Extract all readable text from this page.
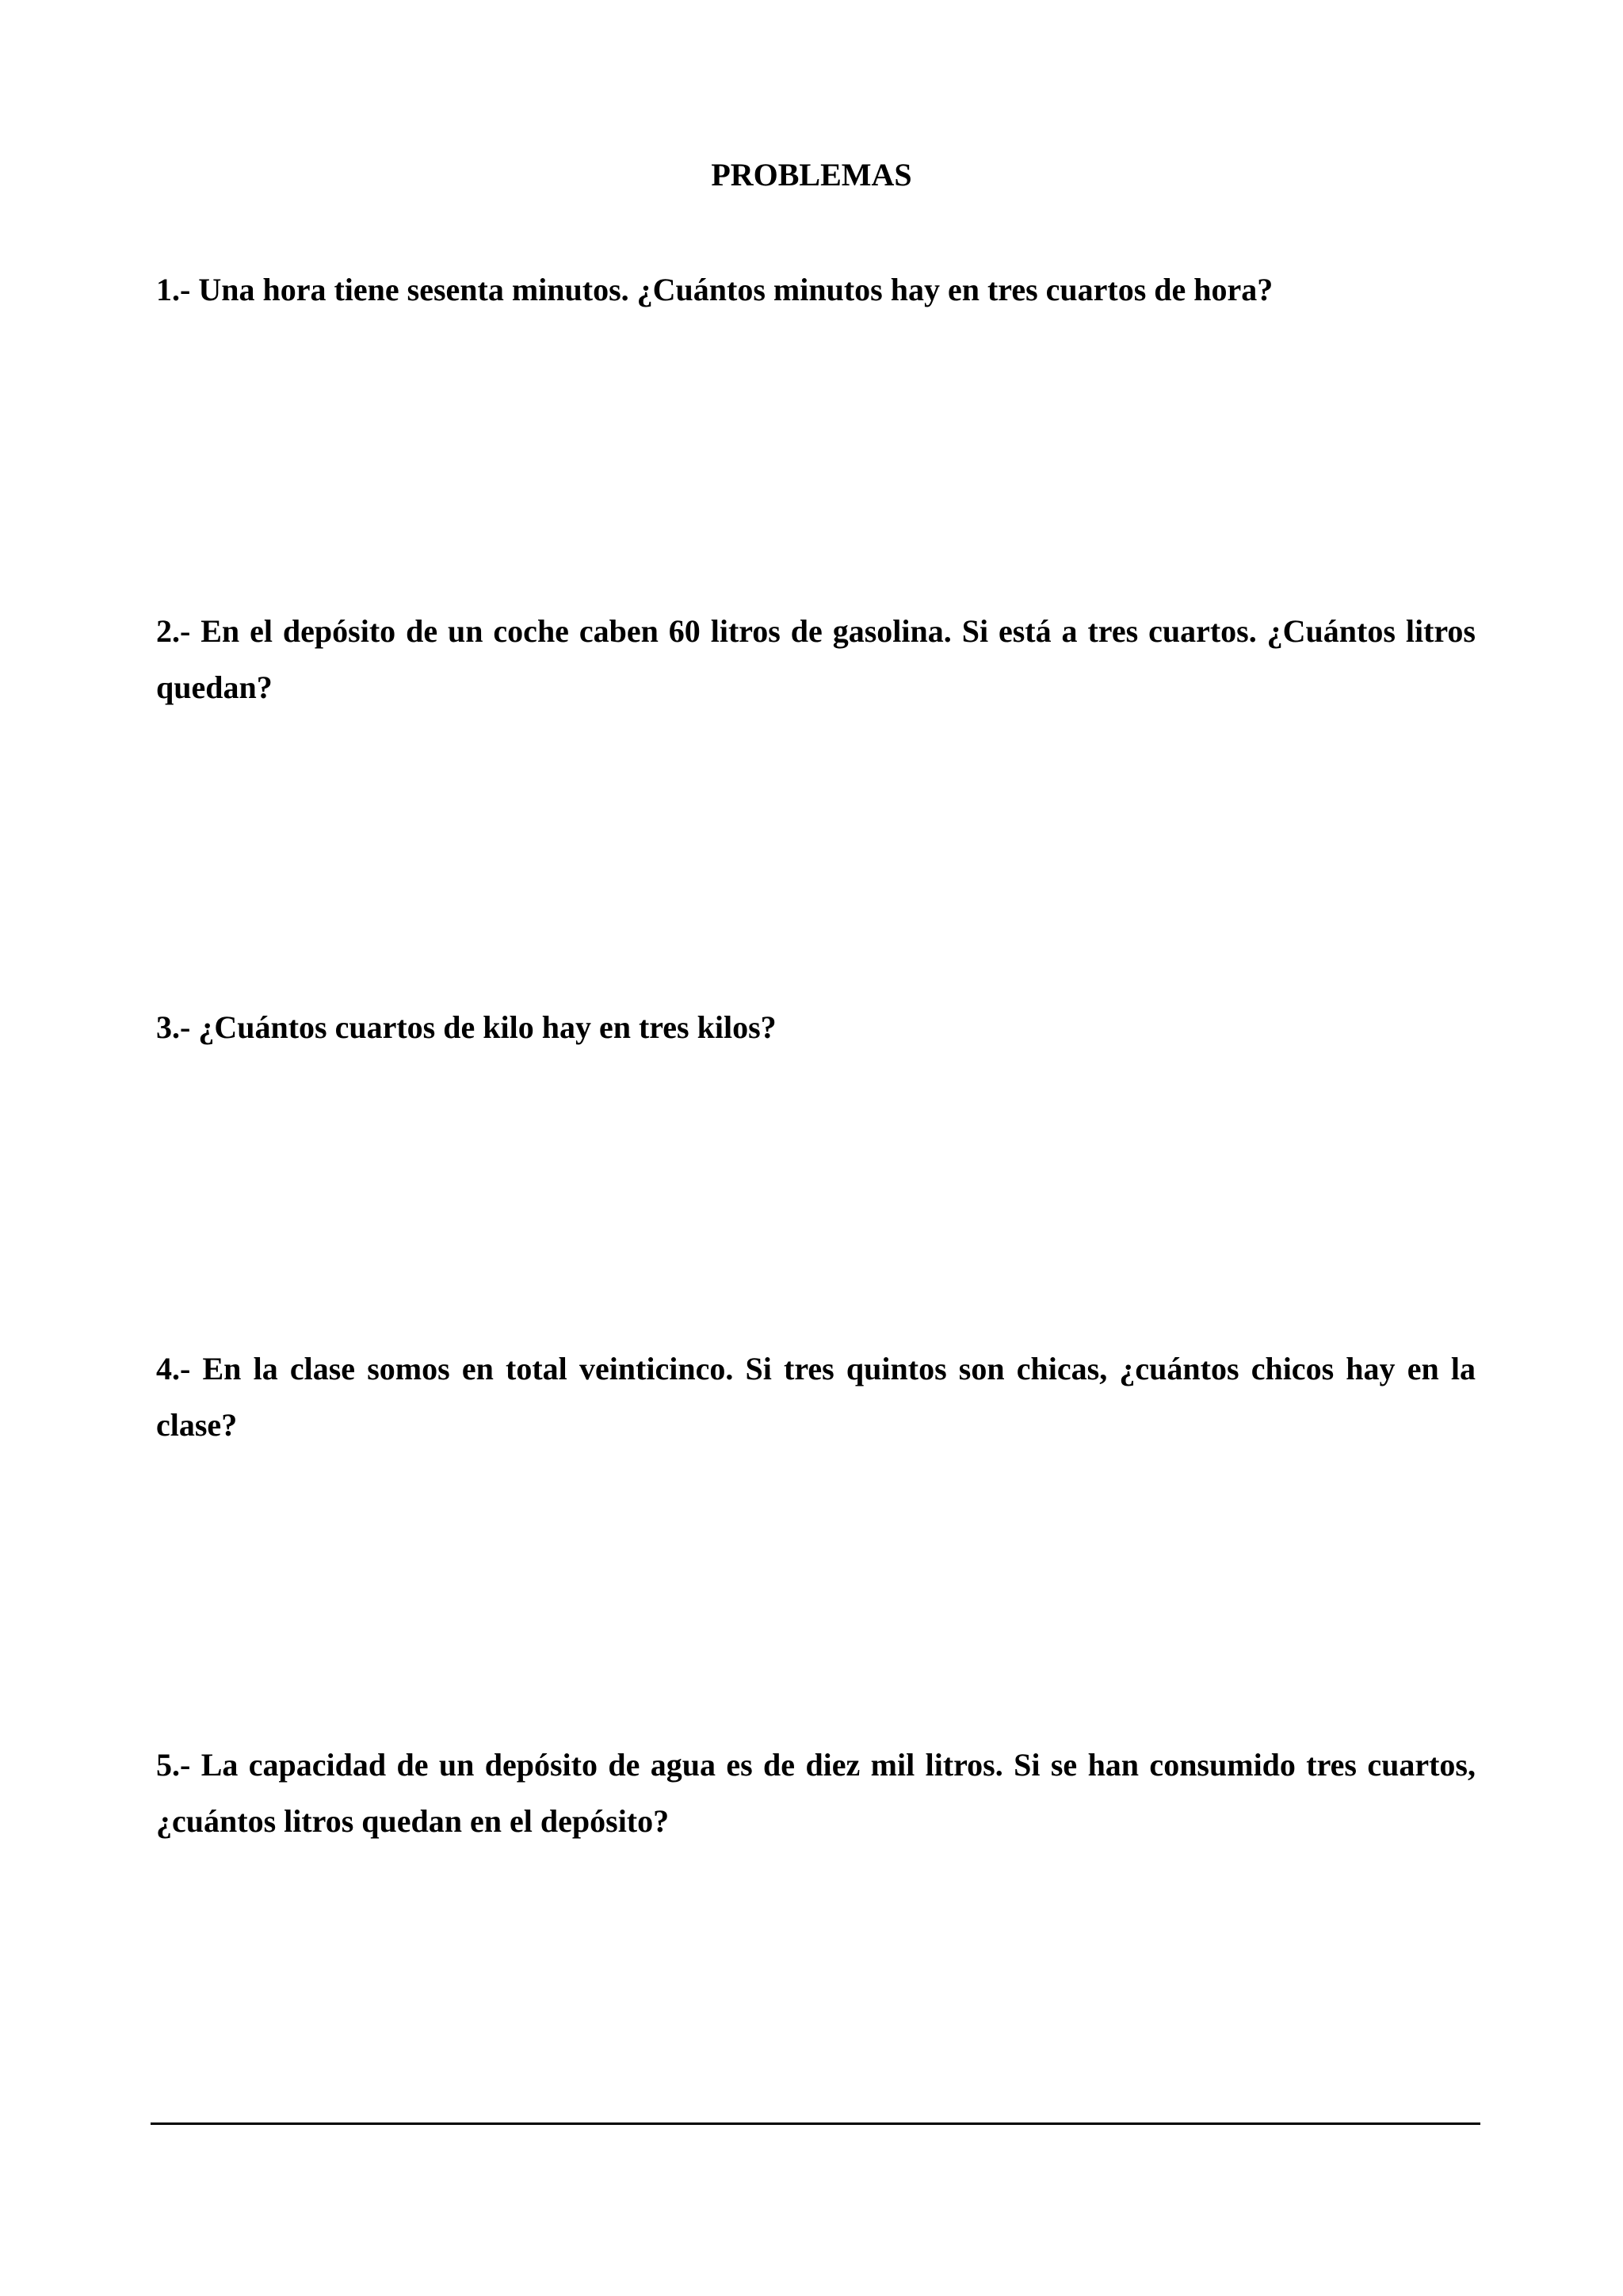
PROBLEMAS
1.- Una hora tiene sesenta minutos. ¿Cuántos minutos hay en tres cuartos de hora?
2.- En el depósito de un coche caben 60 litros de gasolina. Si está a tres cuartos. ¿Cuántos litros quedan?
3.- ¿Cuántos cuartos de kilo hay en tres kilos?
4.- En la clase somos en total veinticinco. Si tres quintos son chicas, ¿cuántos chicos hay en la clase?
5.- La capacidad de un depósito de agua es de diez mil litros. Si se han consumido tres cuartos, ¿cuántos litros quedan en el depósito?
